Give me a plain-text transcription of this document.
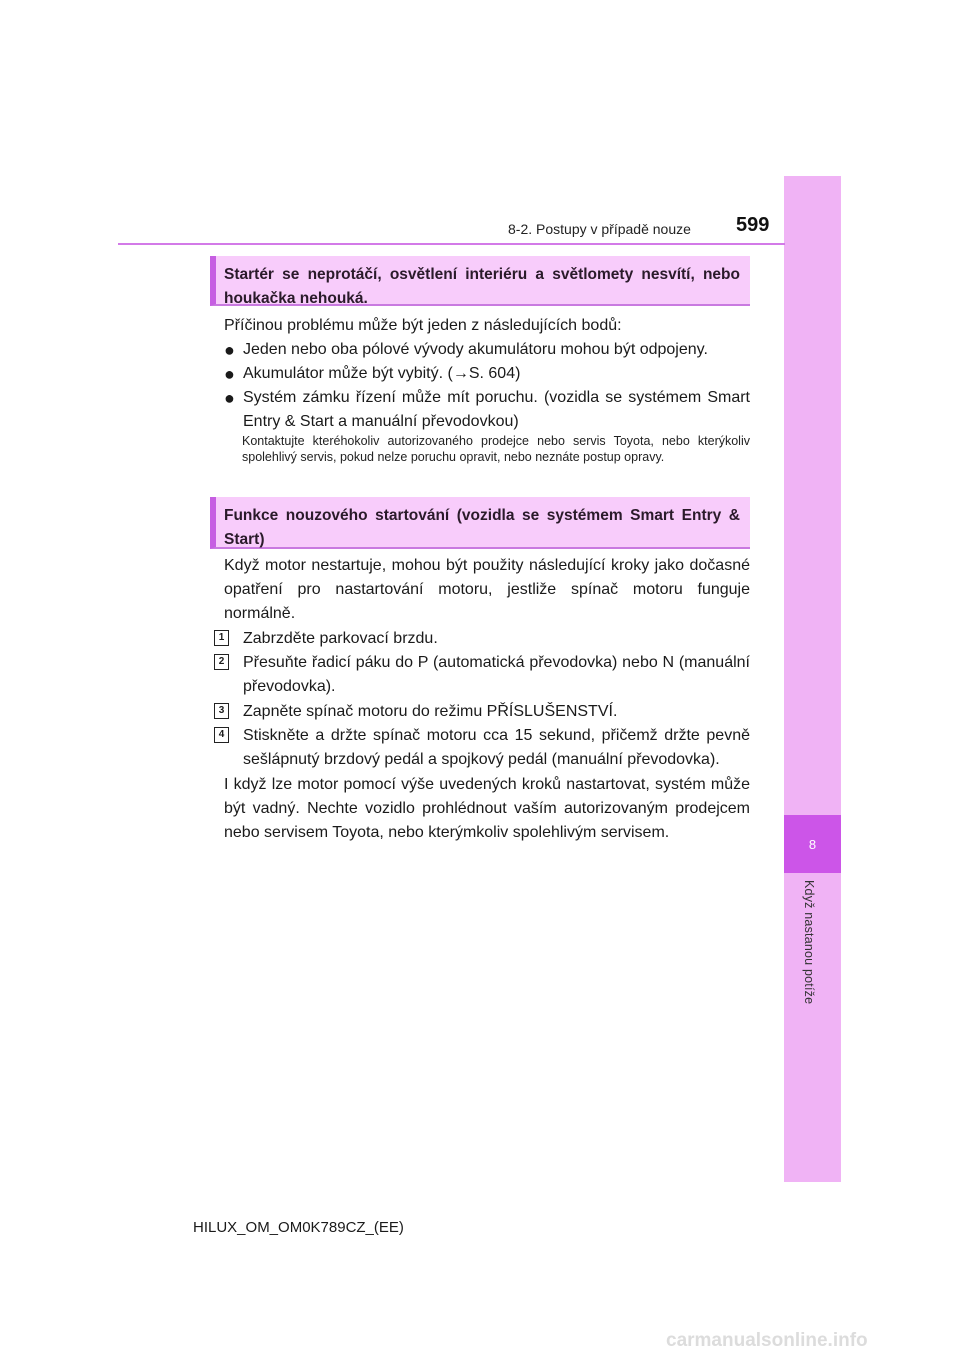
8
Když nastanou potíže
8-2. Postupy v případě nouze 599
Startér se neprotáčí, osvětlení interiéru a světlomety nesvítí, nebo houkačka nehouká.
Příčinou problému může být jeden z následujících bodů:
● Jeden nebo oba pólové vývody akumulátoru mohou být odpojeny.
● Akumulátor může být vybitý. (→S. 604)
● Systém zámku řízení může mít poruchu. (vozidla se systémem Smart Entry & Start a manuální převodovkou)
Kontaktujte kteréhokoliv autorizovaného prodejce nebo servis Toyota, nebo kterýkoliv spolehlivý servis, pokud nelze poruchu opravit, nebo neznáte postup opravy.
Funkce nouzového startování (vozidla se systémem Smart Entry & Start)
Když motor nestartuje, mohou být použity následující kroky jako dočasné opatření pro nastartování motoru, jestliže spínač motoru funguje normálně.
1 Zabrzděte parkovací brzdu.
2 Přesuňte řadicí páku do P (automatická převodovka) nebo N (manuální převodovka).
3 Zapněte spínač motoru do režimu PŘÍSLUŠENSTVÍ.
4 Stiskněte a držte spínač motoru cca 15 sekund, přičemž držte pevně sešlápnutý brzdový pedál a spojkový pedál (manuální převodovka).
I když lze motor pomocí výše uvedených kroků nastartovat, systém může být vadný. Nechte vozidlo prohlédnout vaším autorizovaným prodejcem nebo servisem Toyota, nebo kterýmkoliv spolehlivým servisem.
HILUX_OM_OM0K789CZ_(EE)
carmanualsonline.info
